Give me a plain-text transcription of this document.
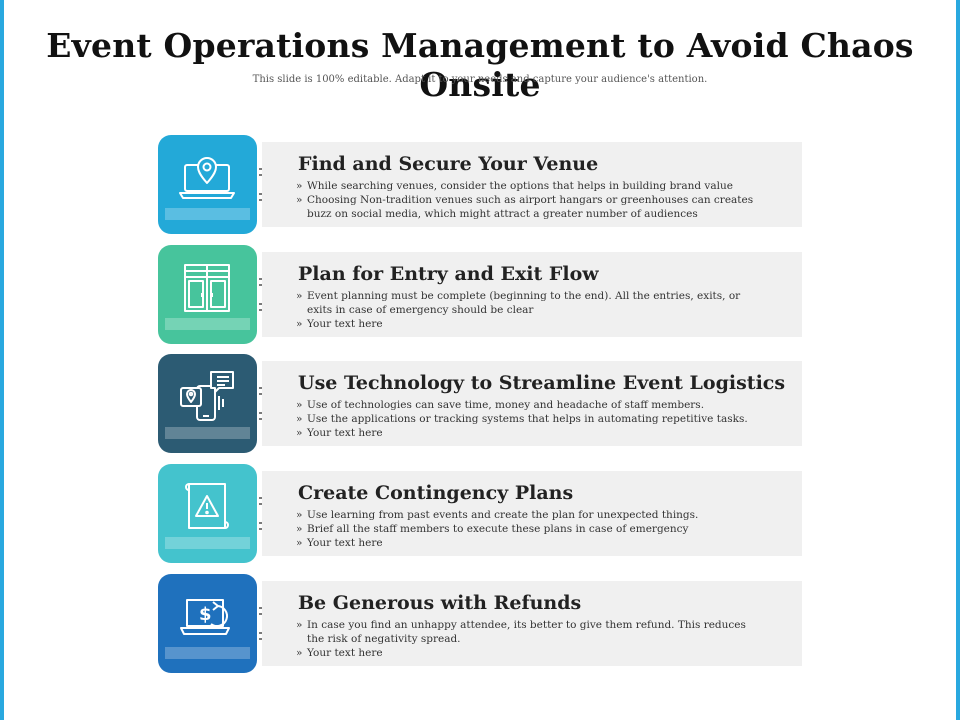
Event Operations Management to Avoid Chaos Onsite
This slide is 100% editable. Adapt it to your needs and capture your audience's attention.
Find and Secure Your Venue
» While searching venues, consider the options that helps in building brand value
» Choosing Non-tradition venues such as airport hangars or greenhouses can creates buzz on social media, which might attract a greater number of audiences
Plan for Entry and Exit Flow
» Event planning must be complete (beginning to the end). All the entries, exits, or exits in case of emergency should be clear
» Your text here
Use Technology to Streamline Event Logistics
» Use of technologies can save time, money and headache of staff members.
» Use the applications or tracking systems that helps in automating repetitive tasks.
» Your text here
Create Contingency Plans
» Use learning from past events and create the plan for unexpected things.
» Brief all the staff members to execute these plans in case of emergency
» Your text here
$
Be Generous with Refunds
» In case you find an unhappy attendee, its better to give them refund. This reduces the risk of negativity spread.
» Your text here
